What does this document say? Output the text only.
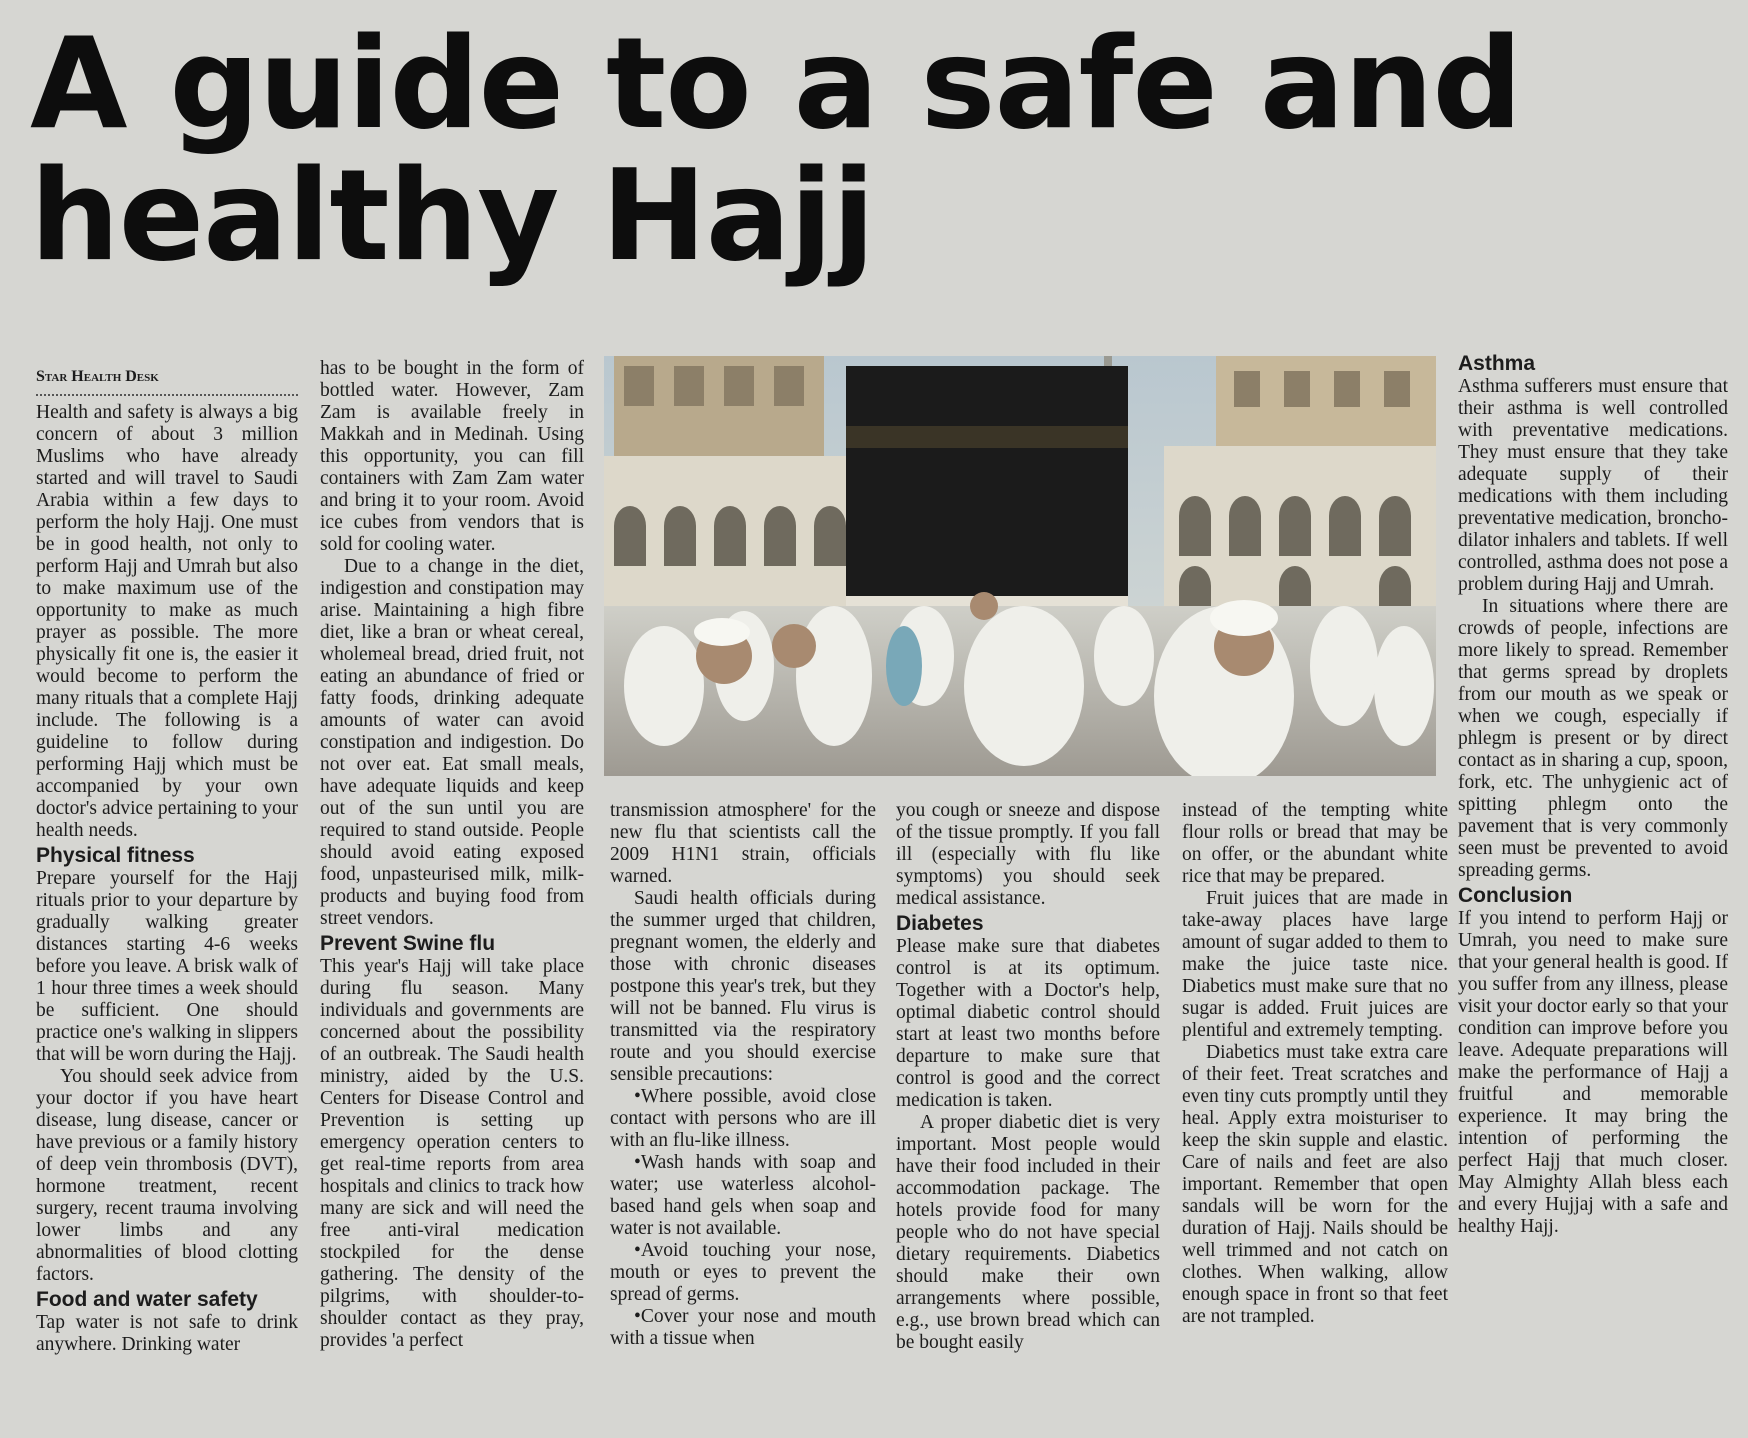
A guide to a safe and
healthy Hajj
Star Health Desk

Health and safety is always a big concern of about 3 million Muslims who have already started and will travel to Saudi Arabia within a few days to perform the holy Hajj. One must be in good health, not only to perform Hajj and Umrah but also to make maximum use of the opportunity to make as much prayer as possible. The more physically fit one is, the easier it would become to perform the many rituals that a complete Hajj include. The following is a guideline to follow during performing Hajj which must be accompanied by your own doctor's advice pertaining to your health needs.

Physical fitness

Prepare yourself for the Hajj rituals prior to your departure by gradually walking greater distances starting 4-6 weeks before you leave. A brisk walk of 1 hour three times a week should be sufficient. One should practice one's walking in slippers that will be worn during the Hajj.

You should seek advice from your doctor if you have heart disease, lung disease, cancer or have previous or a family history of deep vein thrombosis (DVT), hormone treatment, recent surgery, recent trauma involving lower limbs and any abnormalities of blood clotting factors.

Food and water safety

Tap water is not safe to drink anywhere. Drinking water

has to be bought in the form of bottled water. However, Zam Zam is available freely in Makkah and in Medinah. Using this opportunity, you can fill containers with Zam Zam water and bring it to your room. Avoid ice cubes from vendors that is sold for cooling water.

Due to a change in the diet, indigestion and constipation may arise. Maintaining a high fibre diet, like a bran or wheat cereal, wholemeal bread, dried fruit, not eating an abundance of fried or fatty foods, drinking adequate amounts of water can avoid constipation and indigestion. Do not over eat. Eat small meals, have adequate liquids and keep out of the sun until you are required to stand outside. People should avoid eating exposed food, unpasteurised milk, milk-products and buying food from street vendors.

Prevent Swine flu

This year's Hajj will take place during flu season. Many individuals and governments are concerned about the possibility of an outbreak. The Saudi health ministry, aided by the U.S. Centers for Disease Control and Prevention is setting up emergency operation centers to get real-time reports from area hospitals and clinics to track how many are sick and will need the free anti-viral medication stockpiled for the dense gathering. The density of the pilgrims, with shoulder-to-shoulder contact as they pray, provides 'a perfect

transmission atmosphere' for the new flu that scientists call the 2009 H1N1 strain, officials warned.

Saudi health officials during the summer urged that children, pregnant women, the elderly and those with chronic diseases postpone this year's trek, but they will not be banned. Flu virus is transmitted via the respiratory route and you should exercise sensible precautions:

•Where possible, avoid close contact with persons who are ill with an flu-like illness.

•Wash hands with soap and water; use waterless alcohol-based hand gels when soap and water is not available.

•Avoid touching your nose, mouth or eyes to prevent the spread of germs.

•Cover your nose and mouth with a tissue when

you cough or sneeze and dispose of the tissue promptly. If you fall ill (especially with flu like symptoms) you should seek medical assistance.

Diabetes

Please make sure that diabetes control is at its optimum. Together with a Doctor's help, optimal diabetic control should start at least two months before departure to make sure that control is good and the correct medication is taken.

A proper diabetic diet is very important. Most people would have their food included in their accommodation package. The hotels provide food for many people who do not have special dietary requirements. Diabetics should make their own arrangements where possible, e.g., use brown bread which can be bought easily

instead of the tempting white flour rolls or bread that may be on offer, or the abundant white rice that may be prepared.

Fruit juices that are made in take-away places have large amount of sugar added to them to make the juice taste nice. Diabetics must make sure that no sugar is added. Fruit juices are plentiful and extremely tempting.

Diabetics must take extra care of their feet. Treat scratches and even tiny cuts promptly until they heal. Apply extra moisturiser to keep the skin supple and elastic. Care of nails and feet are also important. Remember that open sandals will be worn for the duration of Hajj. Nails should be well trimmed and not catch on clothes. When walking, allow enough space in front so that feet are not trampled.

Asthma

Asthma sufferers must ensure that their asthma is well controlled with preventative medications. They must ensure that they take adequate supply of their medications with them including preventative medication, broncho-dilator inhalers and tablets. If well controlled, asthma does not pose a problem during Hajj and Umrah.

In situations where there are crowds of people, infections are more likely to spread. Remember that germs spread by droplets from our mouth as we speak or when we cough, especially if phlegm is present or by direct contact as in sharing a cup, spoon, fork, etc. The unhygienic act of spitting phlegm onto the pavement that is very commonly seen must be prevented to avoid spreading germs.

Conclusion

If you intend to perform Hajj or Umrah, you need to make sure that your general health is good. If you suffer from any illness, please visit your doctor early so that your condition can improve before you leave. Adequate preparations will make the performance of Hajj a fruitful and memorable experience. It may bring the intention of performing the perfect Hajj that much closer. May Almighty Allah bless each and every Hujjaj with a safe and healthy Hajj.
